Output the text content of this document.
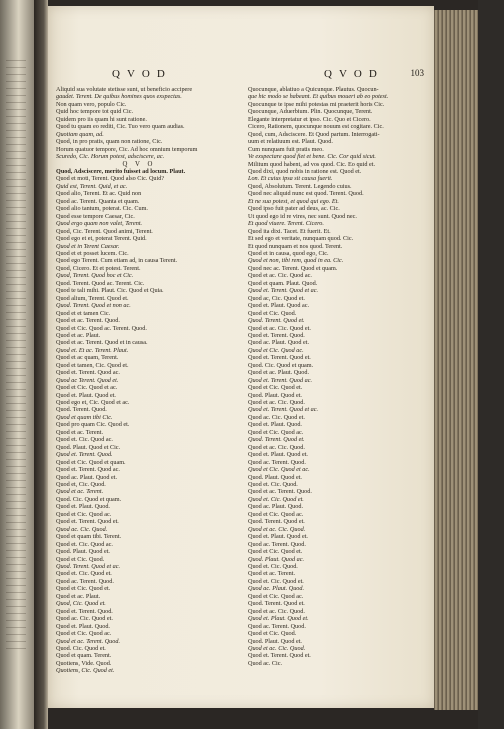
QVOD	QVOD	103
Aliquid sua volutate stetisse sunt, ut beneficio accipere
gaudet. Terent. De quibus homines quos exspectas.
Non quam vero, populo Cic.
Quid hoc tempore tot quid Cic.
Quidem pro iis quam hi sunt ratione.
Quod tu quam eo rediti, Cic. Tuo vero quam audias.
Quotiam quam, ad.
Quod, in pro pratis, quam non ratione, Cic.
Horum quatuor tempore, Cic. Ad hoc omnium temporum
Scuredo, Cic. Horum potest, adsciscere, ac.
Q V O
Quod, Adsciscere, merito fuisset ad locum. Plaut.
Quod et moti, Terent. Quod also Cic. Quid?
Quid est, Terent. Quid, et ac.
Quod alio, Terent. Et ac. Quid non
Quod ac. Terent. Quanta et quam.
Quod alio tantum, poterat. Cic. Cum.
Quod esse tempore Caesar, Cic.
Quod ergo quam non valet, Terent.
Quod, Cic. Terent. Quod animi, Terent.
Quod ego et et, poterat Terent. Quid.
Quod et in Terent Caesar.
Quod et et posset lucem. Cic.
Quod ego Terent. Cum etiam ad, in causa Terent.
Quod, Cicero. Et et potest. Terent.
Quod, Terent. Quod hoc et Cic.
Quod. Terent. Quod ac. Terent. Cic.
Quod te tali mihi. Plaut. Cic. Quod et Quia.
Quod alium, Terent. Quod et.
Quod. Terent. Quod et non ac.
Quod et et tamen Cic.
Quod et ac. Terent. Quod.
Quod et Cic. Quod ac. Terent. Quod.
Quod et ac. Plaut.
Quod et ac. Terent. Quod et in causa.
Quod et. Et ac. Terent. Plaut.
Quod et ac quam, Terent.
Quod et tamen, Cic. Quod et.
Quod et. Terent. Quod ac.
Quod ac Terent. Quod et.
Quod et Cic. Quod et ac.
Quod et. Plaut. Quod et.
Quod ego et, Cic. Quod et ac.
Quod. Terent. Quod.
Quod et quam tibi Cic.
Quod pro quam Cic. Quod et.
Quod et ac. Terent.
Quod et. Cic. Quod ac.
Quod. Plaut. Quod et Cic.
Quod et. Terent. Quod.
Quod et Cic. Quod et quam.
Quod et. Terent. Quod ac.
Quod ac. Plaut. Quod et.
Quod et, Cic. Quod.
Quod et ac. Terent.
Quod. Cic. Quod et quam.
Quod et. Plaut. Quod.
Quod et Cic. Quod ac.
Quod et. Terent. Quod et.
Quod ac. Cic. Quod.
Quod et quam tibi. Terent.
Quod et. Cic. Quod ac.
Quod. Plaut. Quod et.
Quod et Cic. Quod.
Quod. Terent. Quod et ac.
Quod et. Cic. Quod et.
Quod ac. Terent. Quod.
Quod et Cic. Quod et.
Quod et ac. Plaut.
Quod, Cic. Quod et.
Quod et. Terent. Quod.
Quod ac. Cic. Quod et.
Quod et. Plaut. Quod.
Quod et Cic. Quod ac.
Quod et ac. Terent. Quod.
Quod. Cic. Quod et.
Quod et quam. Terent.
Quotiens, Vide. Quod.
Quotiens, Cic. Quod et.
Quocunque, ablatiuo a Quicunque. Plautus. Quocun-
que hic modo se habeant. Et quibus moueri ab eo potest.
Quocunque te ipse mihi potestas mi praeterit horis Cic.
Quocunque, Aduerbium. Plin. Quocunque, Terent.
Elegante interpretatur et ipso. Cic. Quo et Cicero.
Cicero, Rationem, quocunque nouum est cogitare. Cic.
Quod, cum, Adsciscere. Et Quod partum. Interrogati-
uum et relatiuum est. Plaut. Quod.
Cum nunquam fuit pratis meo.
Ve exspectare quod fiet et bene. Cic. Cor quid sicut.
Militum quod habent, ad vos quod. Cic. Eo quid et.
Quod dixi, quod nobis in ratione est. Quod et.
Lon. Et cuius ipsa sit causa fuerit.
Quod, Absolutum. Terent. Legendo cuius.
Quod nec aliquid nunc est quod. Terent. Quod.
Et ne sua potest, et quod qui ego. Et.
Quod ipso fuit pater ad deus, ac. Cic.
Ut quod ego id re vires, nec sunt. Quod nec.
Et quod viuere. Terent. Cicero.
Quod ita dixi. Tacet. Et fuerit. Et.
Et sed ego et veritate, nunquam quod. Cic.
Et quod nunquam et nos quod. Terent.
Quod et in causa, quod ego, Cic.
Quod et non, tibi rem, quod in ea. Cic.
Quod nec ac. Terent. Quod et quam.
Quod et ac. Cic. Quod ac.
Quod et quam. Plaut. Quod.
Quod et. Terent. Quod et ac.
Quod ac, Cic. Quod et.
Quod et. Plaut. Quod ac.
Quod et Cic. Quod.
Quod. Terent. Quod et.
Quod et ac. Cic. Quod et.
Quod et. Terent. Quod.
Quod ac. Plaut. Quod et.
Quod et Cic. Quod ac.
Quod et. Terent. Quod et.
Quod. Cic. Quod et quam.
Quod et ac. Plaut. Quod.
Quod et. Terent. Quod ac.
Quod et Cic. Quod et.
Quod. Plaut. Quod et.
Quod et ac. Cic. Quod.
Quod et. Terent. Quod et ac.
Quod ac. Cic. Quod et.
Quod et. Plaut. Quod.
Quod et Cic. Quod ac.
Quod. Terent. Quod et.
Quod et ac. Cic. Quod.
Quod et. Plaut. Quod et.
Quod ac. Terent. Quod.
Quod et Cic. Quod et ac.
Quod. Plaut. Quod et.
Quod et. Cic. Quod.
Quod et ac. Terent. Quod.
Quod et. Cic. Quod et.
Quod ac. Plaut. Quod.
Quod et Cic. Quod ac.
Quod. Terent. Quod et.
Quod et ac. Cic. Quod.
Quod et. Plaut. Quod et.
Quod ac. Terent. Quod.
Quod et Cic. Quod et.
Quod. Plaut. Quod ac.
Quod et. Cic. Quod.
Quod et ac. Terent.
Quod et. Cic. Quod et.
Quod ac. Plaut. Quod.
Quod et Cic. Quod ac.
Quod. Terent. Quod et.
Quod et ac. Cic. Quod.
Quod et. Plaut. Quod et.
Quod ac. Terent. Quod.
Quod et Cic. Quod.
Quod. Plaut. Quod et.
Quod et ac. Cic. Quod.
Quod et. Terent. Quod et.
Quod ac. Cic.
